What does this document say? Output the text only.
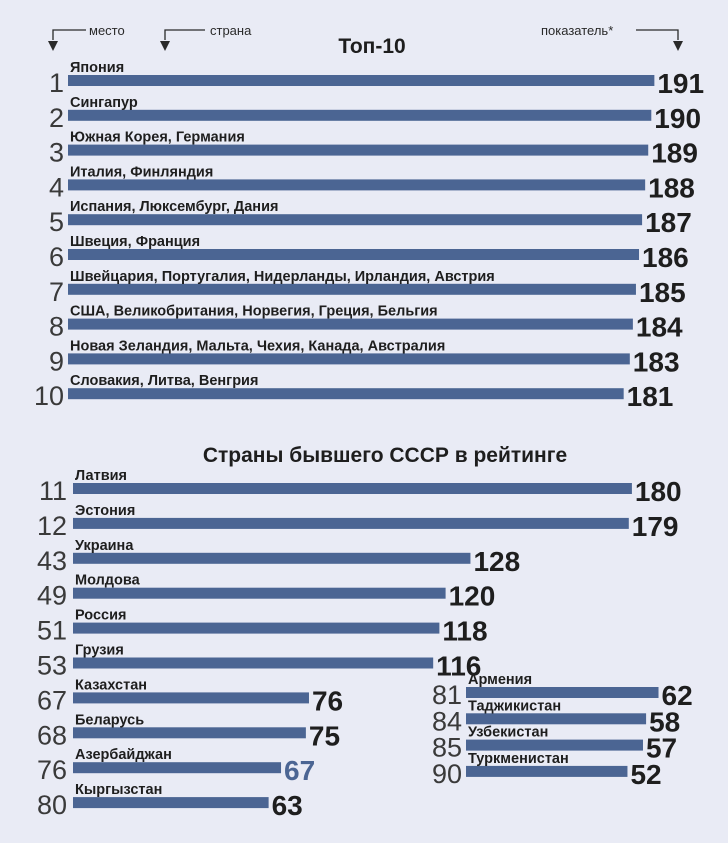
место	страна	показатель*
Топ-10
Страны бывшего СССР в рейтинге
1 Япония	191
2 Сингапур	190
3 Южная Корея, Германия	189
4 Италия, Финляндия	188
5 Испания, Люксембург, Дания	187
6 Швеция, Франция	186
7 Швейцария, Португалия, Нидерланды, Ирландия, Австрия	185
8 США, Великобритания, Норвегия, Греция, Бельгия	184
9 Новая Зеландия, Мальта, Чехия, Канада, Австралия	183
10 Словакия, Литва, Венгрия	181
11 Латвия	180
12 Эстония	179
43 Украина	128
49 Молдова	120
51 Россия	118
53 Грузия	116
67 Казахстан	76
68 Беларусь	75
76 Азербайджан	67
80 Кыргызстан	63
81 Армения	62
84 Таджикистан	58
85 Узбекистан	57
90 Туркменистан 52
